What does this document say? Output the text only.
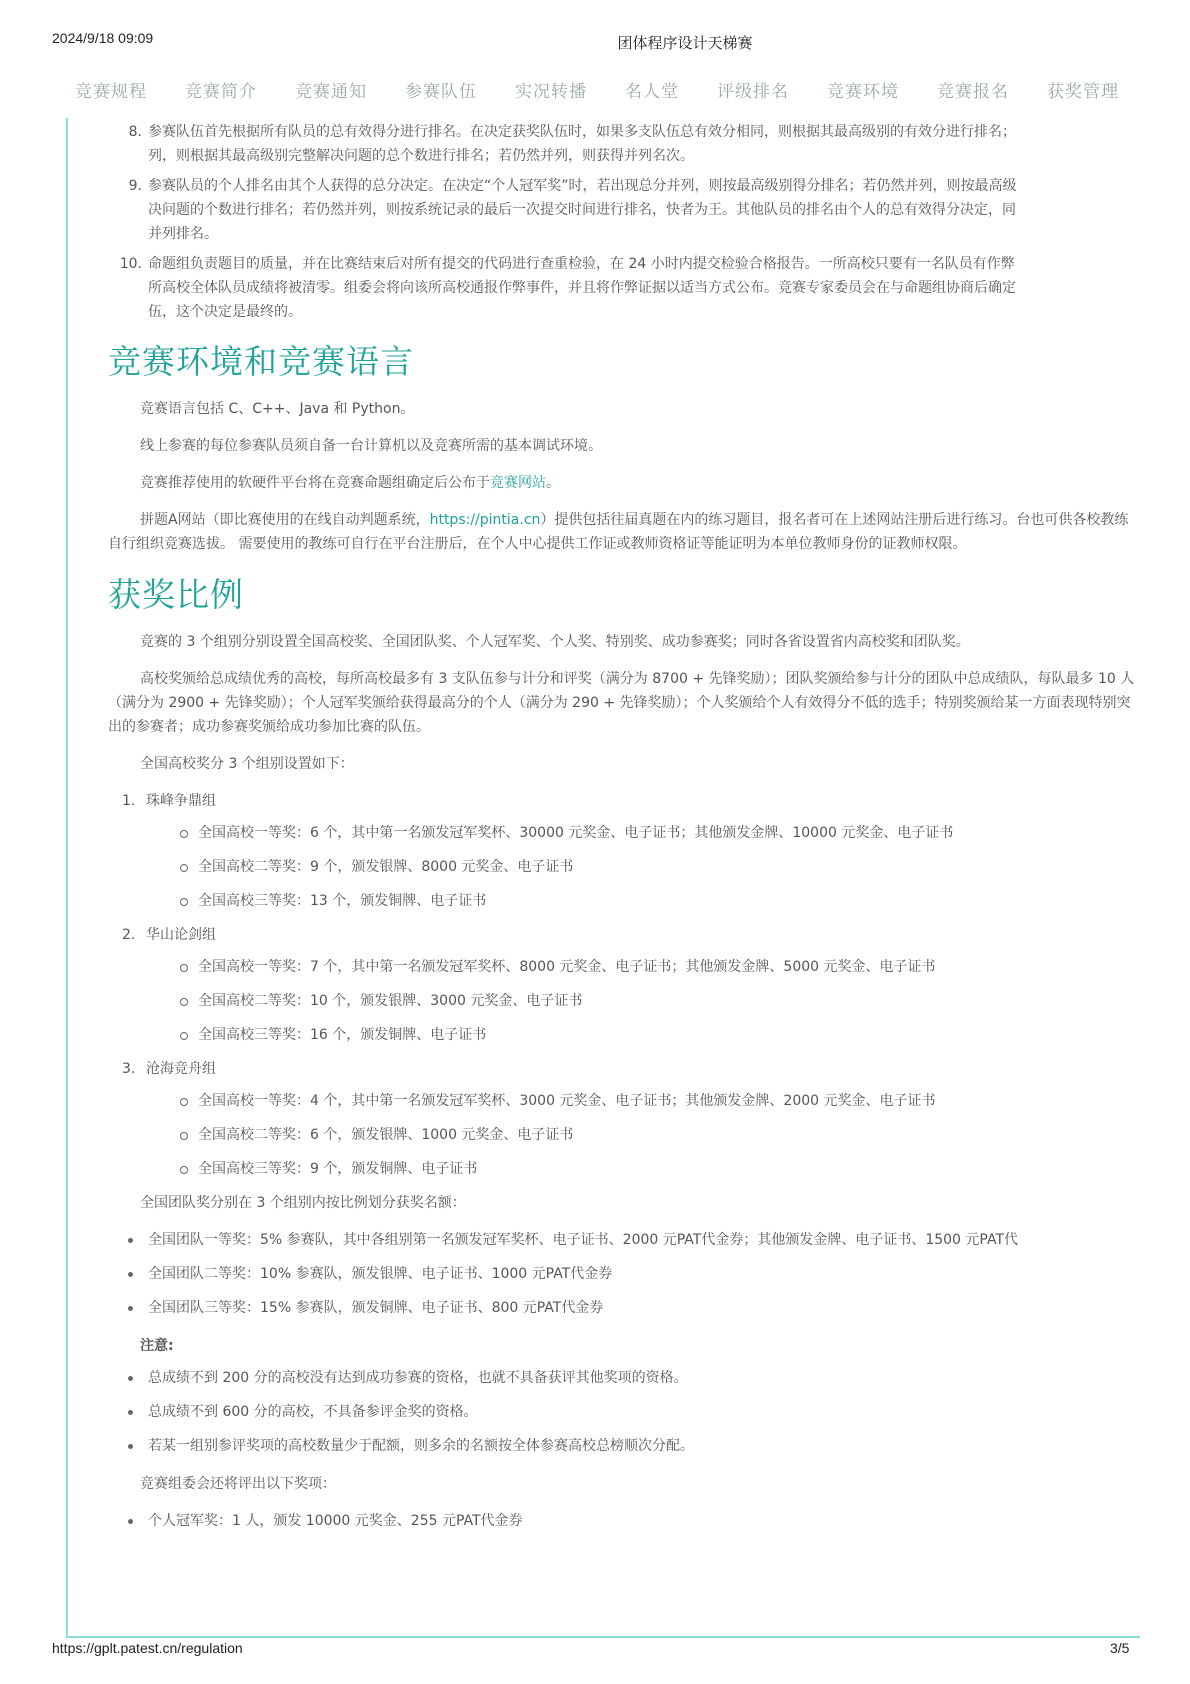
2024/9/18 09:09	团体程序设计天梯赛
竞赛规程 竞赛简介 竞赛通知 参赛队伍 实况转播 名人堂 评级排名 竞赛环境 竞赛报名 获奖管理
8. 参赛队伍首先根据所有队员的总有效得分进行排名。在决定获奖队伍时，如果多支队伍总有效分相同，则根据其最高级别的有效分进行排名；
列，则根据其最高级别完整解决问题的总个数进行排名；若仍然并列，则获得并列名次。
9. 参赛队员的个人排名由其个人获得的总分决定。在决定“个人冠军奖”时，若出现总分并列，则按最高级别得分排名；若仍然并列，则按最高级
决问题的个数进行排名；若仍然并列，则按系统记录的最后一次提交时间进行排名，快者为王。其他队员的排名由个人的总有效得分决定，同
并列排名。
10. 命题组负责题目的质量，并在比赛结束后对所有提交的代码进行查重检验，在 24 小时内提交检验合格报告。一所高校只要有一名队员有作弊
所高校全体队员成绩将被清零。组委会将向该所高校通报作弊事件，并且将作弊证据以适当方式公布。竞赛专家委员会在与命题组协商后确定
伍，这个决定是最终的。
竞赛环境和竞赛语言

竞赛语言包括 C、C++、Java 和 Python。

线上参赛的每位参赛队员须自备一台计算机以及竞赛所需的基本调试环境。

竞赛推荐使用的软硬件平台将在竞赛命题组确定后公布于竞赛网站。

拼题A网站（即比赛使用的在线自动判题系统，https://pintia.cn）提供包括往届真题在内的练习题目，报名者可在上述网站注册后进行练习。台也可供各校教练自行组织竞赛选拔。 需要使用的教练可自行在平台注册后，在个人中心提供工作证或教师资格证等能证明为本单位教师身份的证教师权限。

获奖比例

竞赛的 3 个组别分别设置全国高校奖、全国团队奖、个人冠军奖、个人奖、特别奖、成功参赛奖；同时各省设置省内高校奖和团队奖。

高校奖颁给总成绩优秀的高校，每所高校最多有 3 支队伍参与计分和评奖（满分为 8700 + 先锋奖励）；团队奖颁给参与计分的团队中总成绩队，每队最多 10 人（满分为 2900 + 先锋奖励）；个人冠军奖颁给获得最高分的个人（满分为 290 + 先锋奖励）；个人奖颁给个人有效得分不低的选手；特别奖颁给某一方面表现特别突出的参赛者；成功参赛奖颁给成功参加比赛的队伍。

全国高校奖分 3 个组别设置如下：

1. 珠峰争鼎组
全国高校一等奖：6 个，其中第一名颁发冠军奖杯、30000 元奖金、电子证书；其他颁发金牌、10000 元奖金、电子证书
全国高校二等奖：9 个，颁发银牌、8000 元奖金、电子证书
全国高校三等奖：13 个，颁发铜牌、电子证书
2. 华山论剑组
全国高校一等奖：7 个，其中第一名颁发冠军奖杯、8000 元奖金、电子证书；其他颁发金牌、5000 元奖金、电子证书
全国高校二等奖：10 个，颁发银牌、3000 元奖金、电子证书
全国高校三等奖：16 个，颁发铜牌、电子证书
3. 沧海竞舟组
全国高校一等奖：4 个，其中第一名颁发冠军奖杯、3000 元奖金、电子证书；其他颁发金牌、2000 元奖金、电子证书
全国高校二等奖：6 个，颁发银牌、1000 元奖金、电子证书
全国高校三等奖：9 个，颁发铜牌、电子证书

全国团队奖分别在 3 个组别内按比例划分获奖名额：

全国团队一等奖：5% 参赛队，其中各组别第一名颁发冠军奖杯、电子证书、2000 元PAT代金券；其他颁发金牌、电子证书、1500 元PAT代
全国团队二等奖：10% 参赛队，颁发银牌、电子证书、1000 元PAT代金券
全国团队三等奖：15% 参赛队，颁发铜牌、电子证书、800 元PAT代金券
注意:
总成绩不到 200 分的高校没有达到成功参赛的资格，也就不具备获评其他奖项的资格。
总成绩不到 600 分的高校，不具备参评金奖的资格。
若某一组别参评奖项的高校数量少于配额，则多余的名额按全体参赛高校总榜顺次分配。

竞赛组委会还将评出以下奖项：

个人冠军奖：1 人，颁发 10000 元奖金、255 元PAT代金券
https://gplt.patest.cn/regulation	3/5
